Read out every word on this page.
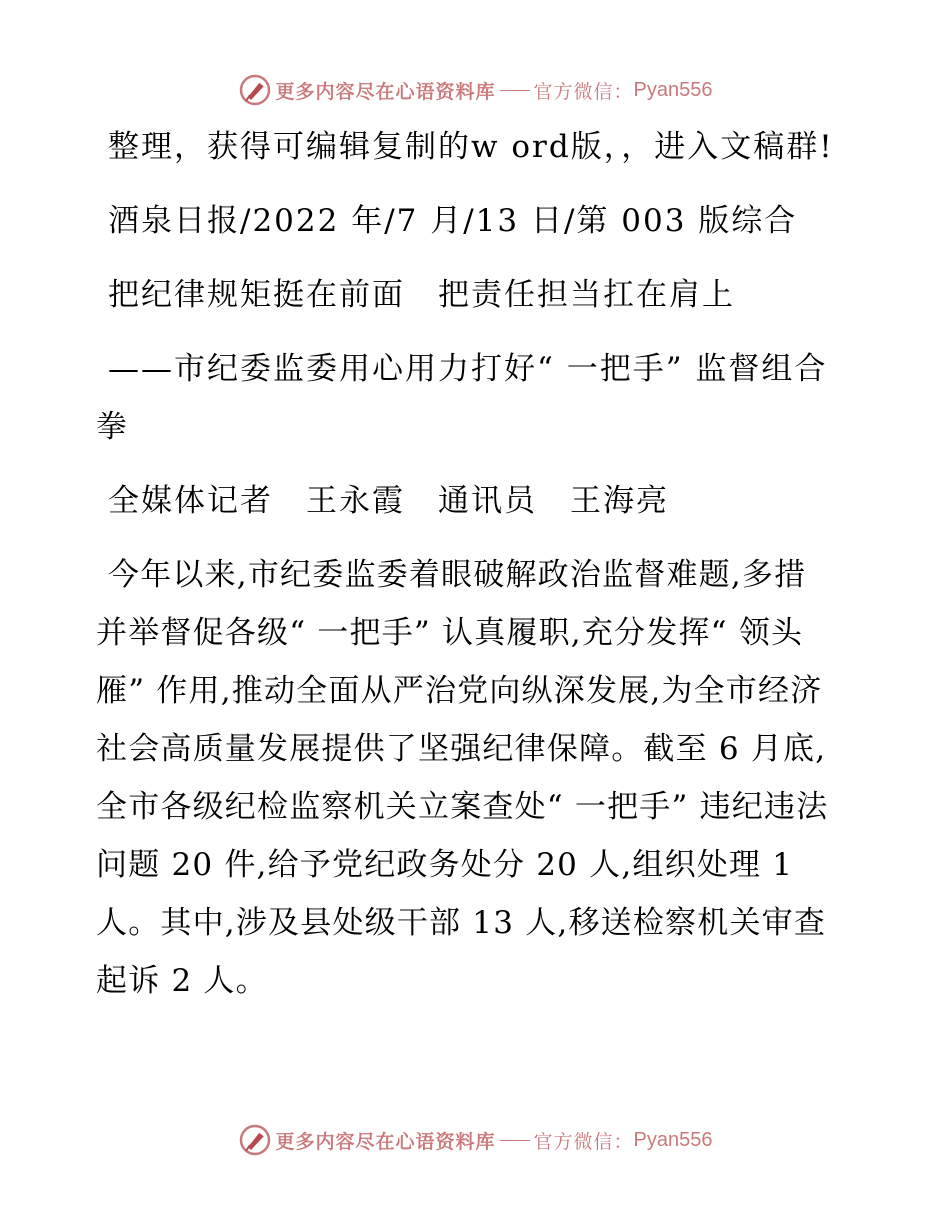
更多内容尽在心语资料库 官方微信： Pyan556

整理，获得可编辑复制的w ord版，，进入文稿群!

酒泉日报/2022 年/7 月/13 日/第 003 版综合

把纪律规矩挺在前面　把责任担当扛在肩上

——市纪委监委用心用力打好“ 一把手” 监督组合拳

全媒体记者　王永霞　通讯员　王海亮

今年以来,市纪委监委着眼破解政治监督难题,多措并举督促各级“ 一把手” 认真履职,充分发挥“ 领头雁” 作用,推动全面从严治党向纵深发展,为全市经济社会高质量发展提供了坚强纪律保障。截至 6 月底,全市各级纪检监察机关立案查处“ 一把手” 违纪违法问题 20 件,给予党纪政务处分 20 人,组织处理 1 人。其中,涉及县处级干部 13 人,移送检察机关审查起诉 2 人。

更多内容尽在心语资料库 官方微信： Pyan556
